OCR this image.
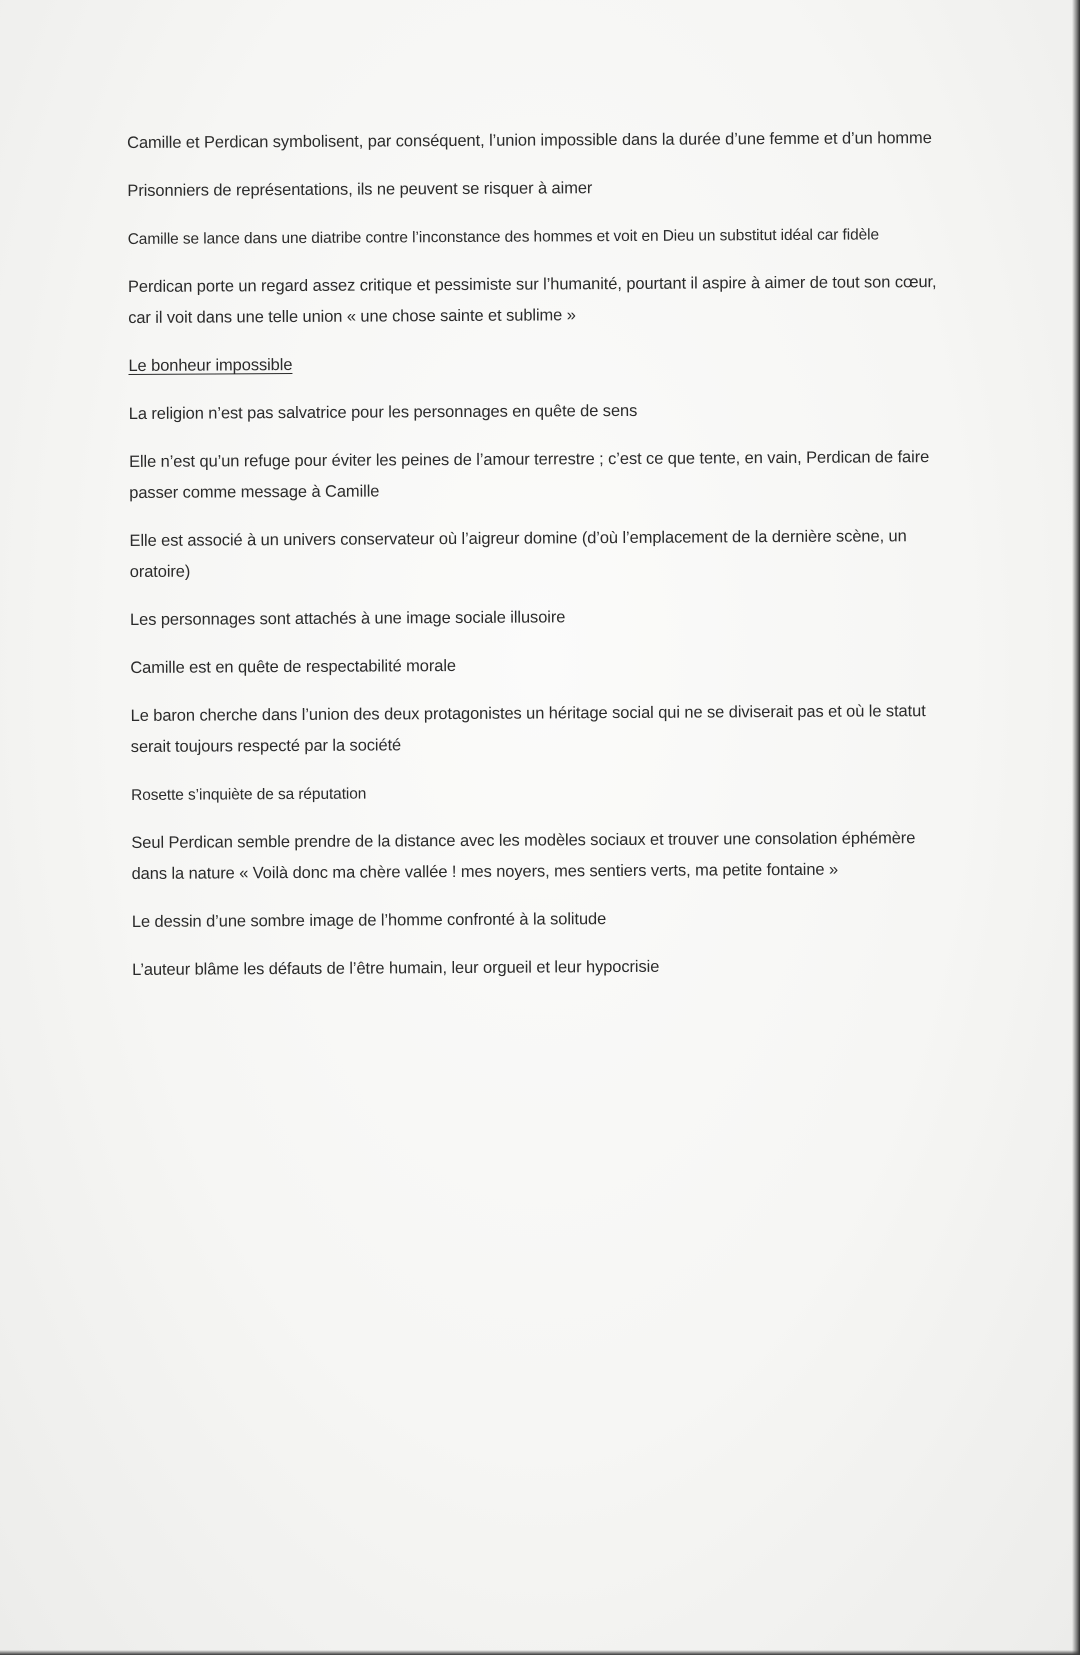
Camille et Perdican symbolisent, par conséquent, l’union impossible dans la durée d’une femme et d’un homme

Prisonniers de représentations, ils ne peuvent se risquer à aimer

Camille se lance dans une diatribe contre l’inconstance des hommes et voit en Dieu un substitut idéal car fidèle

Perdican porte un regard assez critique et pessimiste sur l’humanité, pourtant il aspire à aimer de tout son cœur, car il voit dans une telle union « une chose sainte et sublime »

Le bonheur impossible

La religion n’est pas salvatrice pour les personnages en quête de sens

Elle n’est qu’un refuge pour éviter les peines de l’amour terrestre ; c’est ce que tente, en vain, Perdican de faire passer comme message à Camille

Elle est associé à un univers conservateur où l’aigreur domine (d’où l’emplacement de la dernière scène, un oratoire)

Les personnages sont attachés à une image sociale illusoire

Camille est en quête de respectabilité morale

Le baron cherche dans l’union des deux protagonistes un héritage social qui ne se diviserait pas et où le statut serait toujours respecté par la société

Rosette s’inquiète de sa réputation

Seul Perdican semble prendre de la distance avec les modèles sociaux et trouver une consolation éphémère dans la nature « Voilà donc ma chère vallée ! mes noyers, mes sentiers verts, ma petite fontaine »

Le dessin d’une sombre image de l’homme confronté à la solitude

L’auteur blâme les défauts de l’être humain, leur orgueil et leur hypocrisie
